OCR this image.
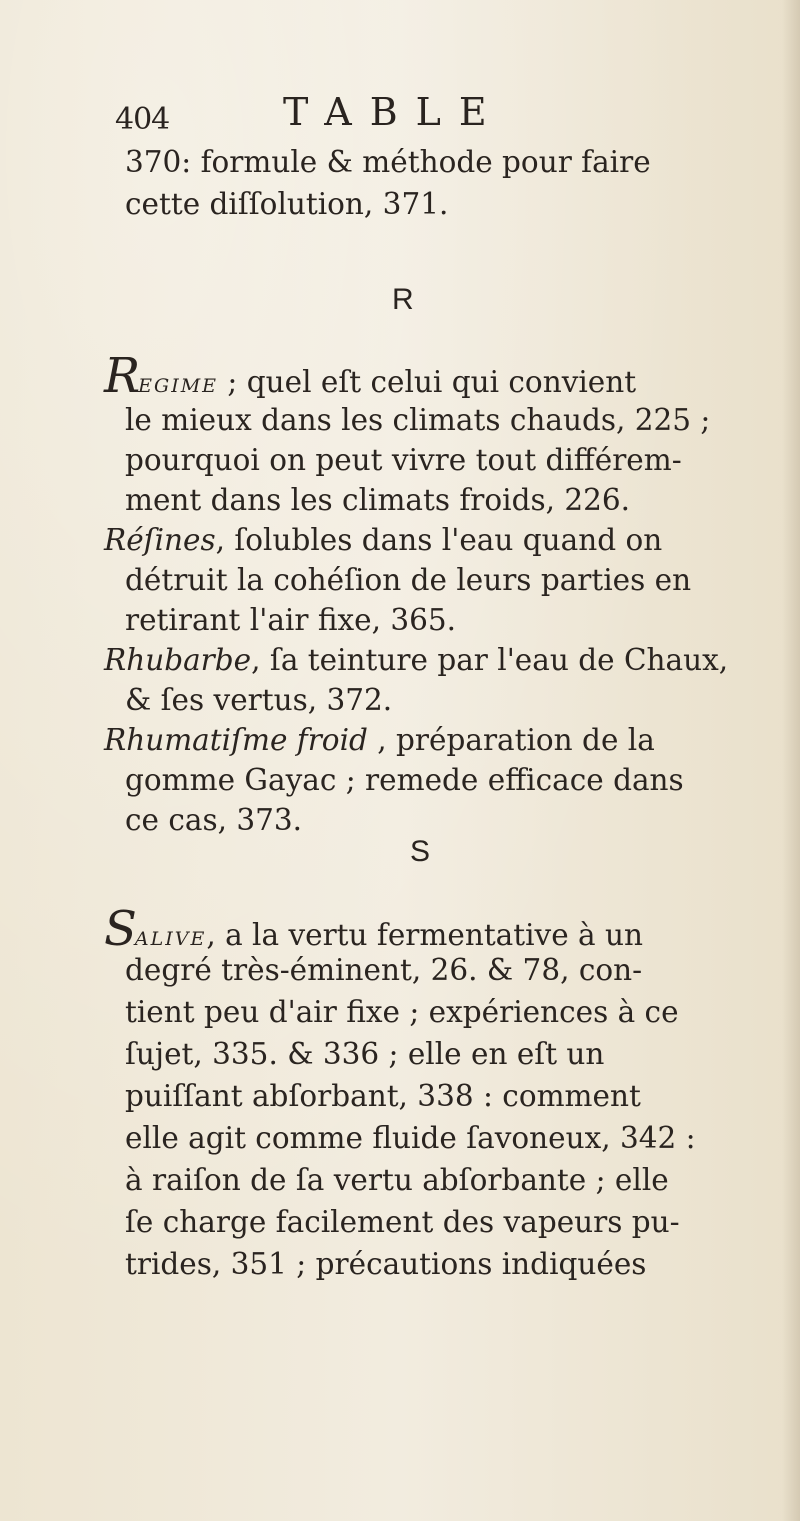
404	TABLE
370: formule & méthode pour faire
cette diſſolution, 371.
R
REGIME ; quel eſt celui qui convient
le mieux dans les climats chauds, 225 ;
pourquoi on peut vivre tout différem-
ment dans les climats froids, 226.
Réſines, ſolubles dans l'eau quand on
détruit la cohéſion de leurs parties en
retirant l'air fixe, 365.
Rhubarbe, ſa teinture par l'eau de Chaux,
& ſes vertus, 372.
Rhumatiſme froid , préparation de la
gomme Gayac ; remede efficace dans
ce cas, 373.
S
SALIVE, a la vertu fermentative à un
degré très-éminent, 26. & 78, con-
tient peu d'air fixe ; expériences à ce
ſujet, 335. & 336 ; elle en eſt un
puiſſant abſorbant, 338 : comment
elle agit comme fluide ſavoneux, 342 :
à raiſon de ſa vertu abſorbante ; elle
ſe charge facilement des vapeurs pu-
trides, 351 ; précautions indiquées
